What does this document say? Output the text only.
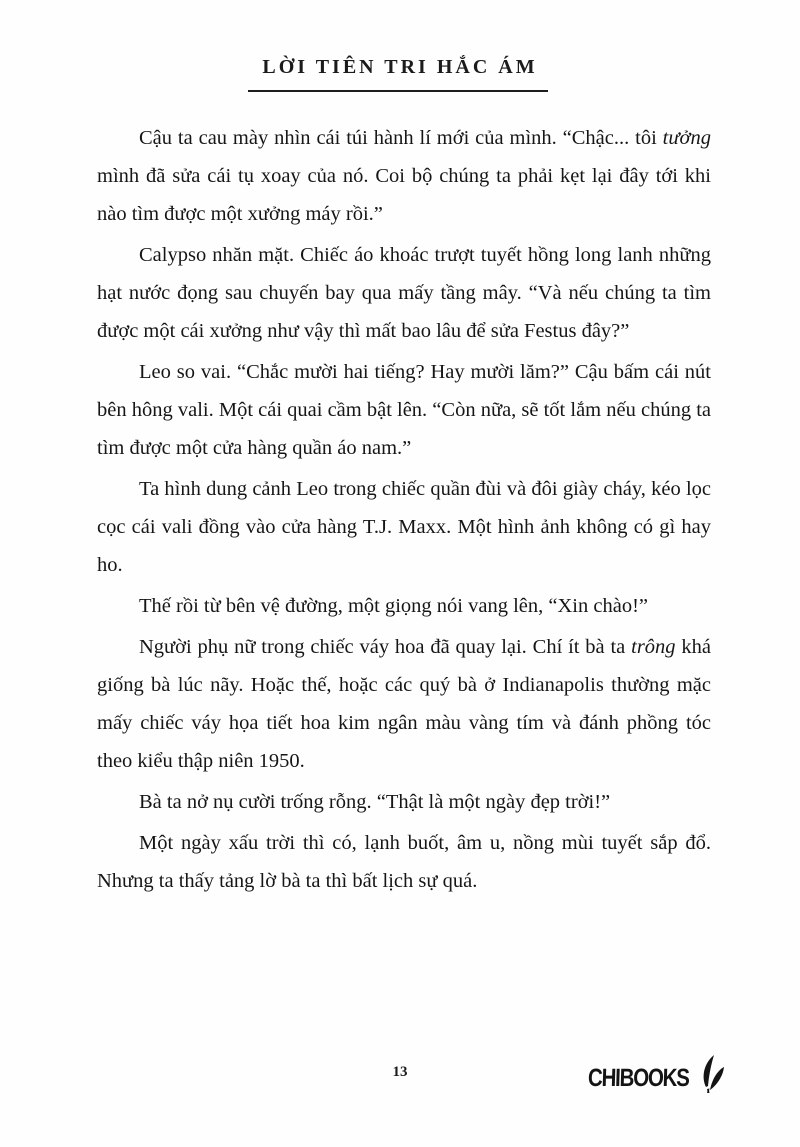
LỜI TIÊN TRI HẮC ÁM

Cậu ta cau mày nhìn cái túi hành lí mới của mình. “Chậc... tôi tưởng mình đã sửa cái tụ xoay của nó. Coi bộ chúng ta phải kẹt lại đây tới khi nào tìm được một xưởng máy rồi.”

Calypso nhăn mặt. Chiếc áo khoác trượt tuyết hồng long lanh những hạt nước đọng sau chuyến bay qua mấy tầng mây. “Và nếu chúng ta tìm được một cái xưởng như vậy thì mất bao lâu để sửa Festus đây?”

Leo so vai. “Chắc mười hai tiếng? Hay mười lăm?” Cậu bấm cái nút bên hông vali. Một cái quai cầm bật lên. “Còn nữa, sẽ tốt lắm nếu chúng ta tìm được một cửa hàng quần áo nam.”

Ta hình dung cảnh Leo trong chiếc quần đùi và đôi giày cháy, kéo lọc cọc cái vali đồng vào cửa hàng T.J. Maxx. Một hình ảnh không có gì hay ho.

Thế rồi từ bên vệ đường, một giọng nói vang lên, “Xin chào!”

Người phụ nữ trong chiếc váy hoa đã quay lại. Chí ít bà ta trông khá giống bà lúc nãy. Hoặc thế, hoặc các quý bà ở Indianapolis thường mặc mấy chiếc váy họa tiết hoa kim ngân màu vàng tím và đánh phồng tóc theo kiểu thập niên 1950.

Bà ta nở nụ cười trống rỗng. “Thật là một ngày đẹp trời!”

Một ngày xấu trời thì có, lạnh buốt, âm u, nồng mùi tuyết sắp đổ. Nhưng ta thấy tảng lờ bà ta thì bất lịch sự quá.

13	CHIBOOKS
